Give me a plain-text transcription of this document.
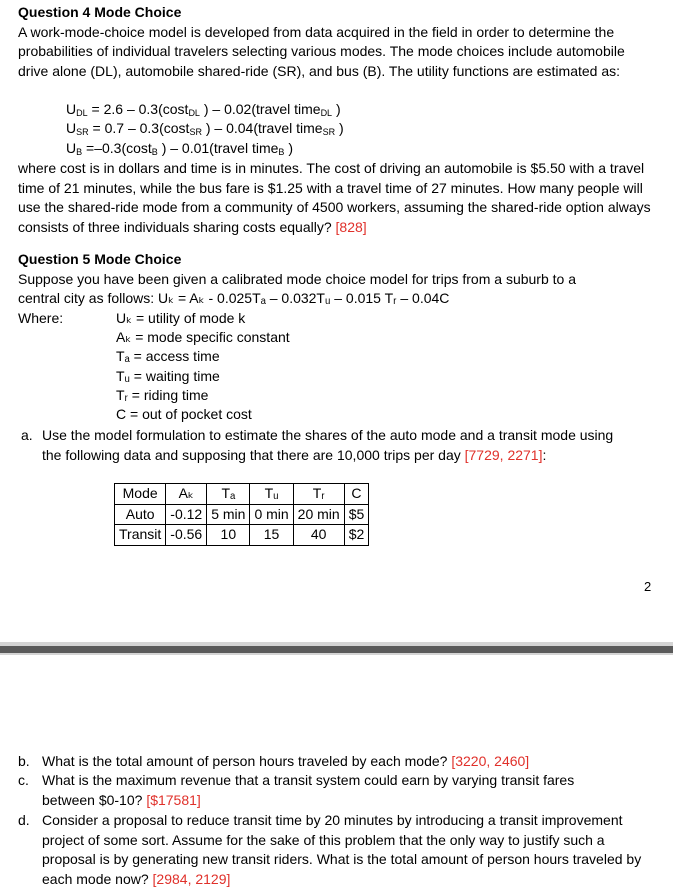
Question 4 Mode Choice

A work-mode-choice model is developed from data acquired in the field in order to determine the probabilities of individual travelers selecting various modes. The mode choices include automobile drive alone (DL), automobile shared-ride (SR), and bus (B). The utility functions are estimated as:

$U_{DL} = 2.6 - 0.3(\cos t_{DL}$ ) – 0.02(travel time$_{DL}$ )
$U_{SR} = 0.7 - 0.3(\cos t_{SR}$ ) – 0.04(travel time$_{SR}$ )
$U_B =-0.3(\cos t_B$ ) – 0.01(travel time$_B$ )

where cost is in dollars and time is in minutes. The cost of driving an automobile is $5.50 with a travel time of 21 minutes, while the bus fare is $1.25 with a travel time of 27 minutes. How many people will use the shared-ride mode from a community of 4500 workers, assuming the shared-ride option always consists of three individuals sharing costs equally? [828]

Question 5 Mode Choice

Suppose you have been given a calibrated mode choice model for trips from a suburb to a

central city as follows: Uₖ = Aₖ - 0.025Tₐ – 0.032Tᵤ – 0.015 Tᵣ – 0.04C

Where:	Uₖ = utility of mode k
Aₖ = mode specific constant
Tₐ = access time
Tᵤ = waiting time
Tᵣ = riding time
C = out of pocket cost
a. Use the model formulation to estimate the shares of the auto mode and a transit mode using the following data and supposing that there are 10,000 trips per day [7729, 2271]:

Mode	Aₖ	Tₐ	Tᵤ	Tᵣ	C
Auto	-0.12	5 min	0 min	20 min	$5
Transit	-0.56	10	15	40	$2
2
b. What is the total amount of person hours traveled by each mode? [3220, 2460]

c. What is the maximum revenue that a transit system could earn by varying transit fares between $0-10? [$17581]

d. Consider a proposal to reduce transit time by 20 minutes by introducing a transit improvement project of some sort. Assume for the sake of this problem that the only way to justify such a proposal is by generating new transit riders. What is the total amount of person hours traveled by each mode now? [2984, 2129]
